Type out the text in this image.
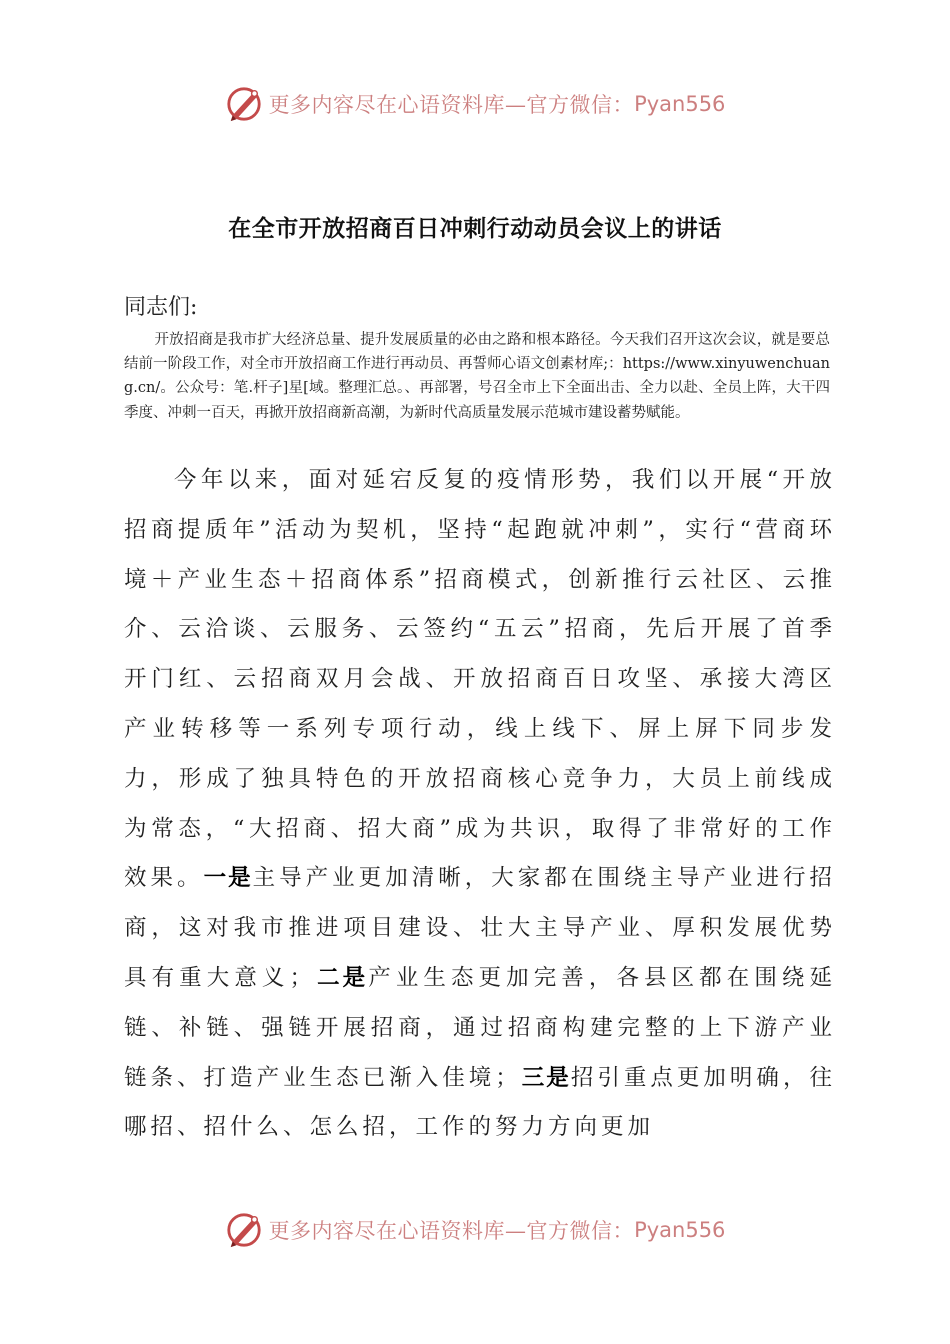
更多内容尽在心语资料库—官方微信： Pyan556
在全市开放招商百日冲刺行动动员会议上的讲话
同志们:
开放招商是我市扩大经济总量、提升发展质量的必由之路和根本路径。今天我们召开这次会议，就是要总结前一阶段工作，对全市开放招商工作进行再动员、再誓师心语文创素材库;：https://www.xinyuwenchuang.cn/。公众号：笔.杆子]星[域。整理汇总。、再部署，号召全市上下全面出击、全力以赴、全员上阵，大干四季度、冲刺一百天，再掀开放招商新高潮，为新时代高质量发展示范城市建设蓄势赋能。
今年以来，面对延宕反复的疫情形势，我们以开展“开放招商提质年”活动为契机，坚持“起跑就冲刺”，实行“营商环境＋产业生态＋招商体系”招商模式，创新推行云社区、云推介、云洽谈、云服务、云签约“五云”招商，先后开展了首季开门红、云招商双月会战、开放招商百日攻坚、承接大湾区产业转移等一系列专项行动，线上线下、屏上屏下同步发力，形成了独具特色的开放招商核心竞争力，大员上前线成为常态，“大招商、招大商”成为共识，取得了非常好的工作效果。一是主导产业更加清晰，大家都在围绕主导产业进行招商，这对我市推进项目建设、壮大主导产业、厚积发展优势具有重大意义；二是产业生态更加完善，各县区都在围绕延链、补链、强链开展招商，通过招商构建完整的上下游产业链条、打造产业生态已渐入佳境；三是招引重点更加明确，往哪招、招什么、怎么招，工作的努力方向更加
更多内容尽在心语资料库—官方微信： Pyan556
